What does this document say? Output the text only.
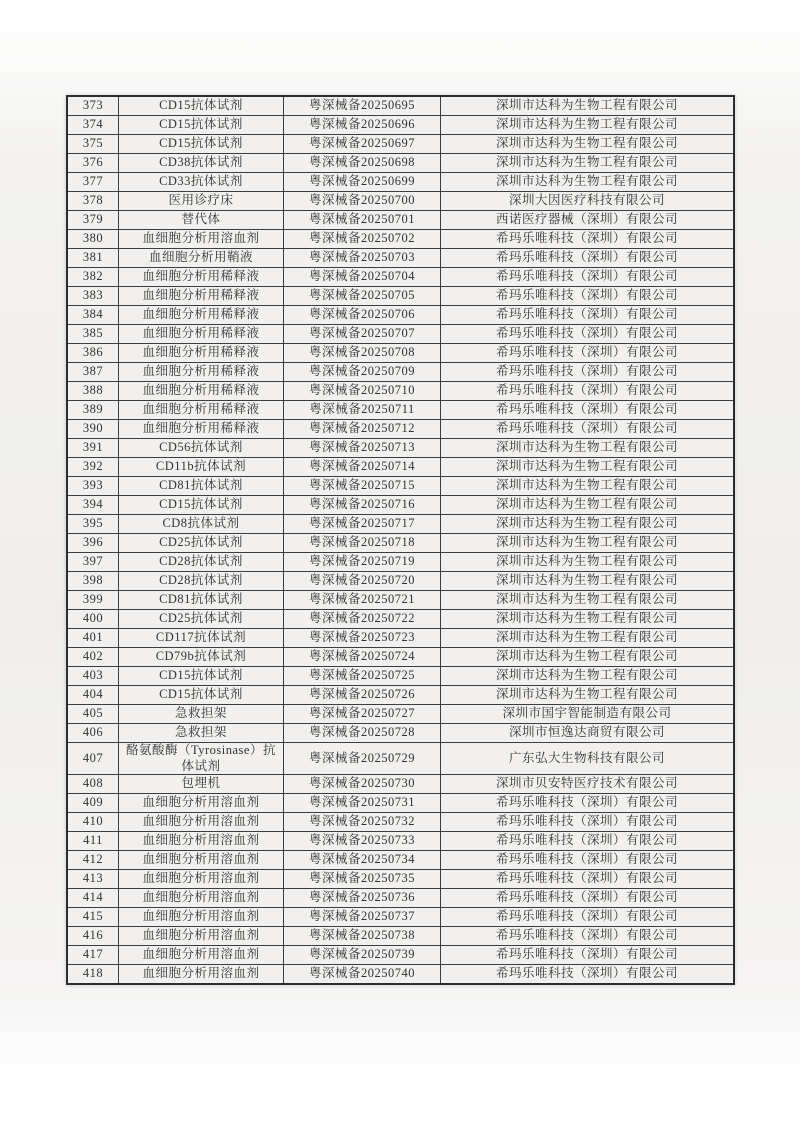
373	CD15抗体试剂	粤深械备20250695	深圳市达科为生物工程有限公司
374	CD15抗体试剂	粤深械备20250696	深圳市达科为生物工程有限公司
375	CD15抗体试剂	粤深械备20250697	深圳市达科为生物工程有限公司
376	CD38抗体试剂	粤深械备20250698	深圳市达科为生物工程有限公司
377	CD33抗体试剂	粤深械备20250699	深圳市达科为生物工程有限公司
378	医用诊疗床	粤深械备20250700	深圳大因医疗科技有限公司
379	替代体	粤深械备20250701	西诺医疗器械（深圳）有限公司
380	血细胞分析用溶血剂	粤深械备20250702	希玛乐唯科技（深圳）有限公司
381	血细胞分析用鞘液	粤深械备20250703	希玛乐唯科技（深圳）有限公司
382	血细胞分析用稀释液	粤深械备20250704	希玛乐唯科技（深圳）有限公司
383	血细胞分析用稀释液	粤深械备20250705	希玛乐唯科技（深圳）有限公司
384	血细胞分析用稀释液	粤深械备20250706	希玛乐唯科技（深圳）有限公司
385	血细胞分析用稀释液	粤深械备20250707	希玛乐唯科技（深圳）有限公司
386	血细胞分析用稀释液	粤深械备20250708	希玛乐唯科技（深圳）有限公司
387	血细胞分析用稀释液	粤深械备20250709	希玛乐唯科技（深圳）有限公司
388	血细胞分析用稀释液	粤深械备20250710	希玛乐唯科技（深圳）有限公司
389	血细胞分析用稀释液	粤深械备20250711	希玛乐唯科技（深圳）有限公司
390	血细胞分析用稀释液	粤深械备20250712	希玛乐唯科技（深圳）有限公司
391	CD56抗体试剂	粤深械备20250713	深圳市达科为生物工程有限公司
392	CD11b抗体试剂	粤深械备20250714	深圳市达科为生物工程有限公司
393	CD81抗体试剂	粤深械备20250715	深圳市达科为生物工程有限公司
394	CD15抗体试剂	粤深械备20250716	深圳市达科为生物工程有限公司
395	CD8抗体试剂	粤深械备20250717	深圳市达科为生物工程有限公司
396	CD25抗体试剂	粤深械备20250718	深圳市达科为生物工程有限公司
397	CD28抗体试剂	粤深械备20250719	深圳市达科为生物工程有限公司
398	CD28抗体试剂	粤深械备20250720	深圳市达科为生物工程有限公司
399	CD81抗体试剂	粤深械备20250721	深圳市达科为生物工程有限公司
400	CD25抗体试剂	粤深械备20250722	深圳市达科为生物工程有限公司
401	CD117抗体试剂	粤深械备20250723	深圳市达科为生物工程有限公司
402	CD79b抗体试剂	粤深械备20250724	深圳市达科为生物工程有限公司
403	CD15抗体试剂	粤深械备20250725	深圳市达科为生物工程有限公司
404	CD15抗体试剂	粤深械备20250726	深圳市达科为生物工程有限公司
405	急救担架	粤深械备20250727	深圳市国宇智能制造有限公司
406	急救担架	粤深械备20250728	深圳市恒逸达商贸有限公司
407	酪氨酸酶（Tyrosinase）抗体试剂	粤深械备20250729	广东弘大生物科技有限公司
408	包埋机	粤深械备20250730	深圳市贝安特医疗技术有限公司
409	血细胞分析用溶血剂	粤深械备20250731	希玛乐唯科技（深圳）有限公司
410	血细胞分析用溶血剂	粤深械备20250732	希玛乐唯科技（深圳）有限公司
411	血细胞分析用溶血剂	粤深械备20250733	希玛乐唯科技（深圳）有限公司
412	血细胞分析用溶血剂	粤深械备20250734	希玛乐唯科技（深圳）有限公司
413	血细胞分析用溶血剂	粤深械备20250735	希玛乐唯科技（深圳）有限公司
414	血细胞分析用溶血剂	粤深械备20250736	希玛乐唯科技（深圳）有限公司
415	血细胞分析用溶血剂	粤深械备20250737	希玛乐唯科技（深圳）有限公司
416	血细胞分析用溶血剂	粤深械备20250738	希玛乐唯科技（深圳）有限公司
417	血细胞分析用溶血剂	粤深械备20250739	希玛乐唯科技（深圳）有限公司
418	血细胞分析用溶血剂	粤深械备20250740	希玛乐唯科技（深圳）有限公司
